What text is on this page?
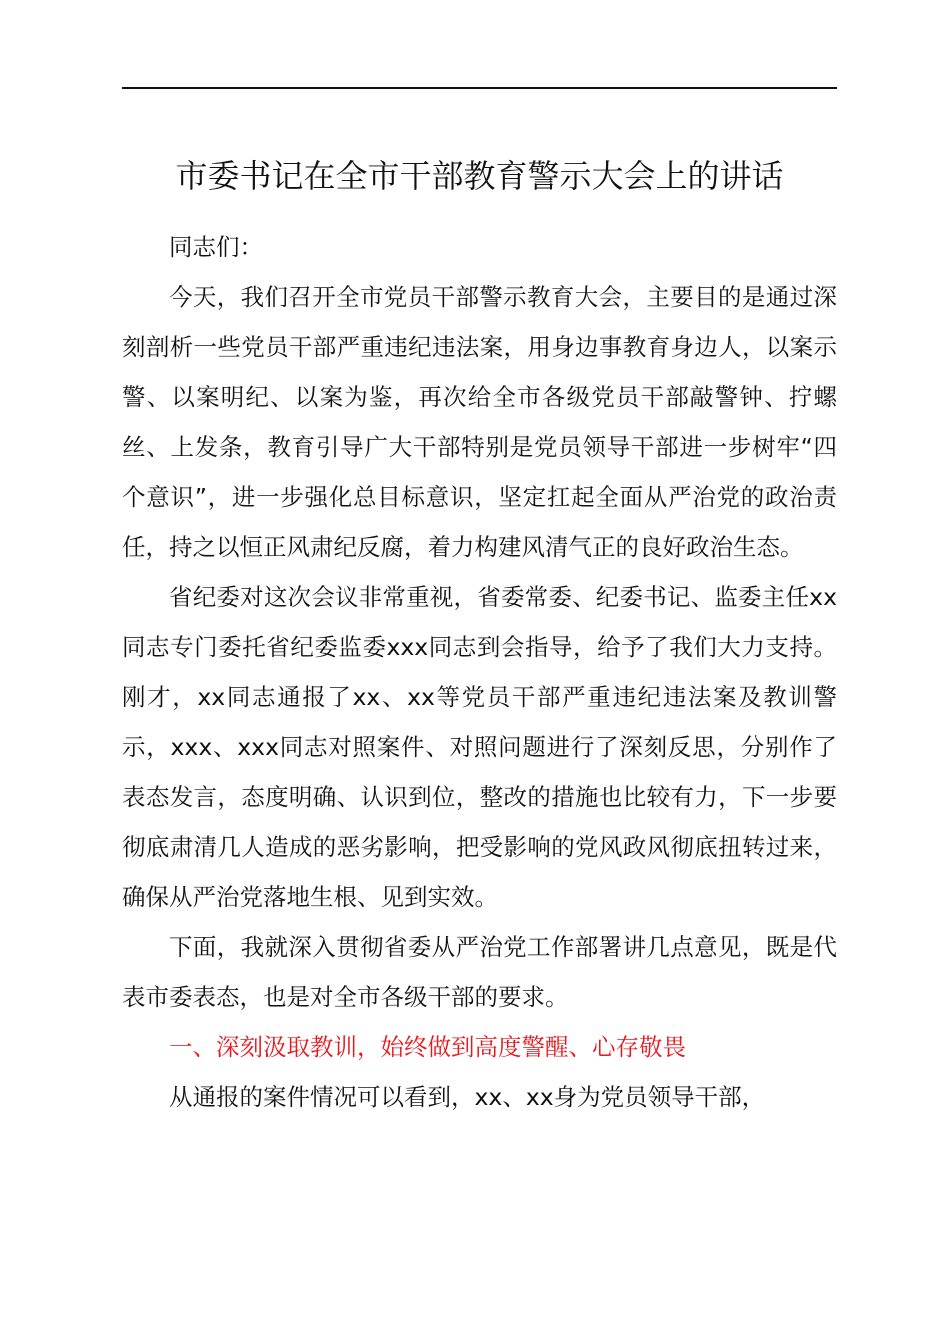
市委书记在全市干部教育警示大会上的讲话

同志们：

今天，我们召开全市党员干部警示教育大会，主要目的是通过深刻剖析一些党员干部严重违纪违法案，用身边事教育身边人，以案示警、以案明纪、以案为鉴，再次给全市各级党员干部敲警钟、拧螺丝、上发条，教育引导广大干部特别是党员领导干部进一步树牢“四个意识”，进一步强化总目标意识，坚定扛起全面从严治党的政治责任，持之以恒正风肃纪反腐，着力构建风清气正的良好政治生态。

省纪委对这次会议非常重视，省委常委、纪委书记、监委主任xx同志专门委托省纪委监委xxx同志到会指导，给予了我们大力支持。刚才，xx同志通报了xx、xx等党员干部严重违纪违法案及教训警示，xxx、xxx同志对照案件、对照问题进行了深刻反思，分别作了表态发言，态度明确、认识到位，整改的措施也比较有力，下一步要彻底肃清几人造成的恶劣影响，把受影响的党风政风彻底扭转过来，确保从严治党落地生根、见到实效。

下面，我就深入贯彻省委从严治党工作部署讲几点意见，既是代表市委表态，也是对全市各级干部的要求。

一、深刻汲取教训，始终做到高度警醒、心存敬畏

从通报的案件情况可以看到，xx、xx身为党员领导干部，
